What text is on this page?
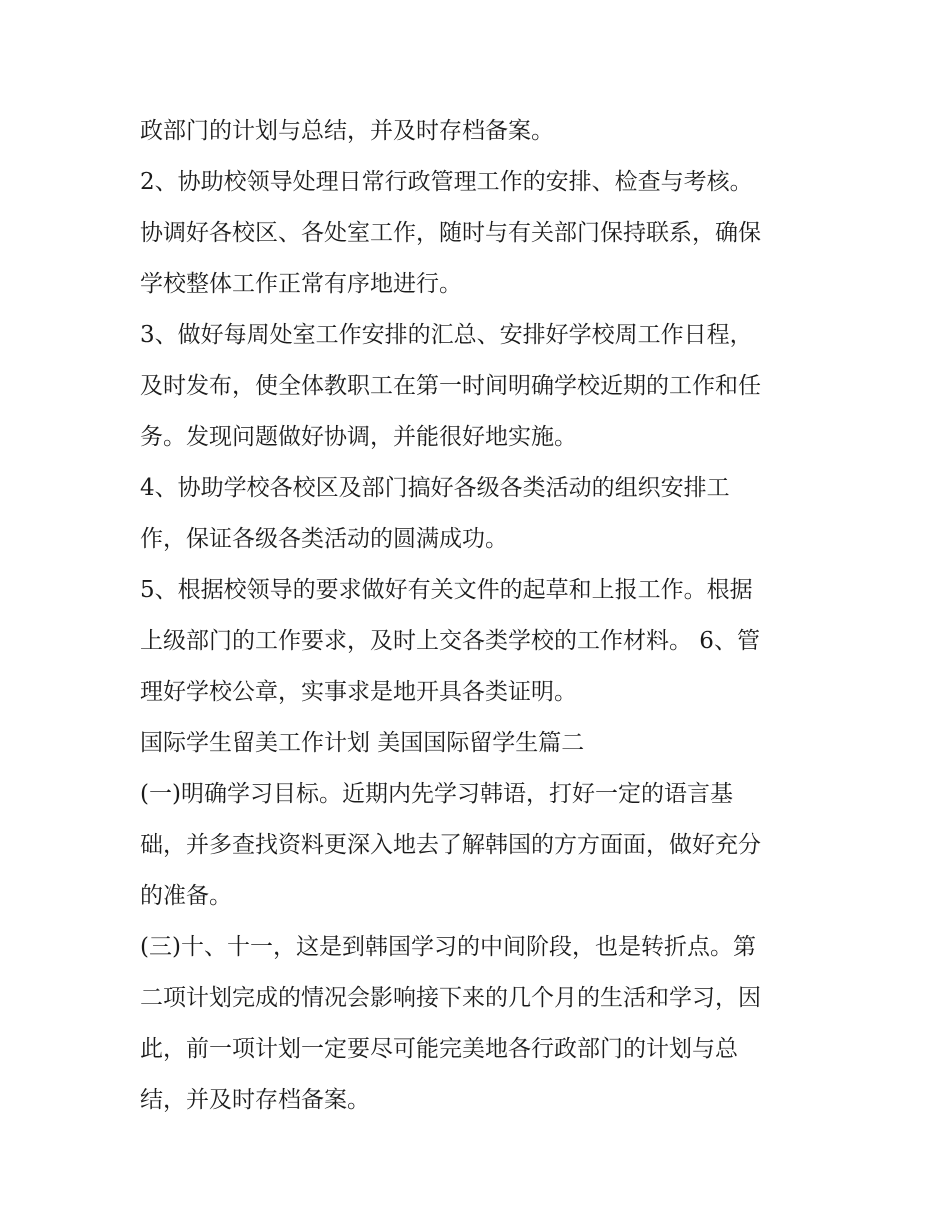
政部门的计划与总结，并及时存档备案。
2、协助校领导处理日常行政管理工作的安排、检查与考核。
协调好各校区、各处室工作，随时与有关部门保持联系，确保
学校整体工作正常有序地进行。
3、做好每周处室工作安排的汇总、安排好学校周工作日程，
及时发布，使全体教职工在第一时间明确学校近期的工作和任
务。发现问题做好协调，并能很好地实施。
4、协助学校各校区及部门搞好各级各类活动的组织安排工
作，保证各级各类活动的圆满成功。
5、根据校领导的要求做好有关文件的起草和上报工作。根据
上级部门的工作要求，及时上交各类学校的工作材料。 6、管
理好学校公章，实事求是地开具各类证明。
国际学生留美工作计划 美国国际留学生篇二
(一)明确学习目标。近期内先学习韩语，打好一定的语言基
础，并多查找资料更深入地去了解韩国的方方面面，做好充分
的准备。
(三)十、十一，这是到韩国学习的中间阶段，也是转折点。第
二项计划完成的情况会影响接下来的几个月的生活和学习，因
此，前一项计划一定要尽可能完美地各行政部门的计划与总
结，并及时存档备案。
